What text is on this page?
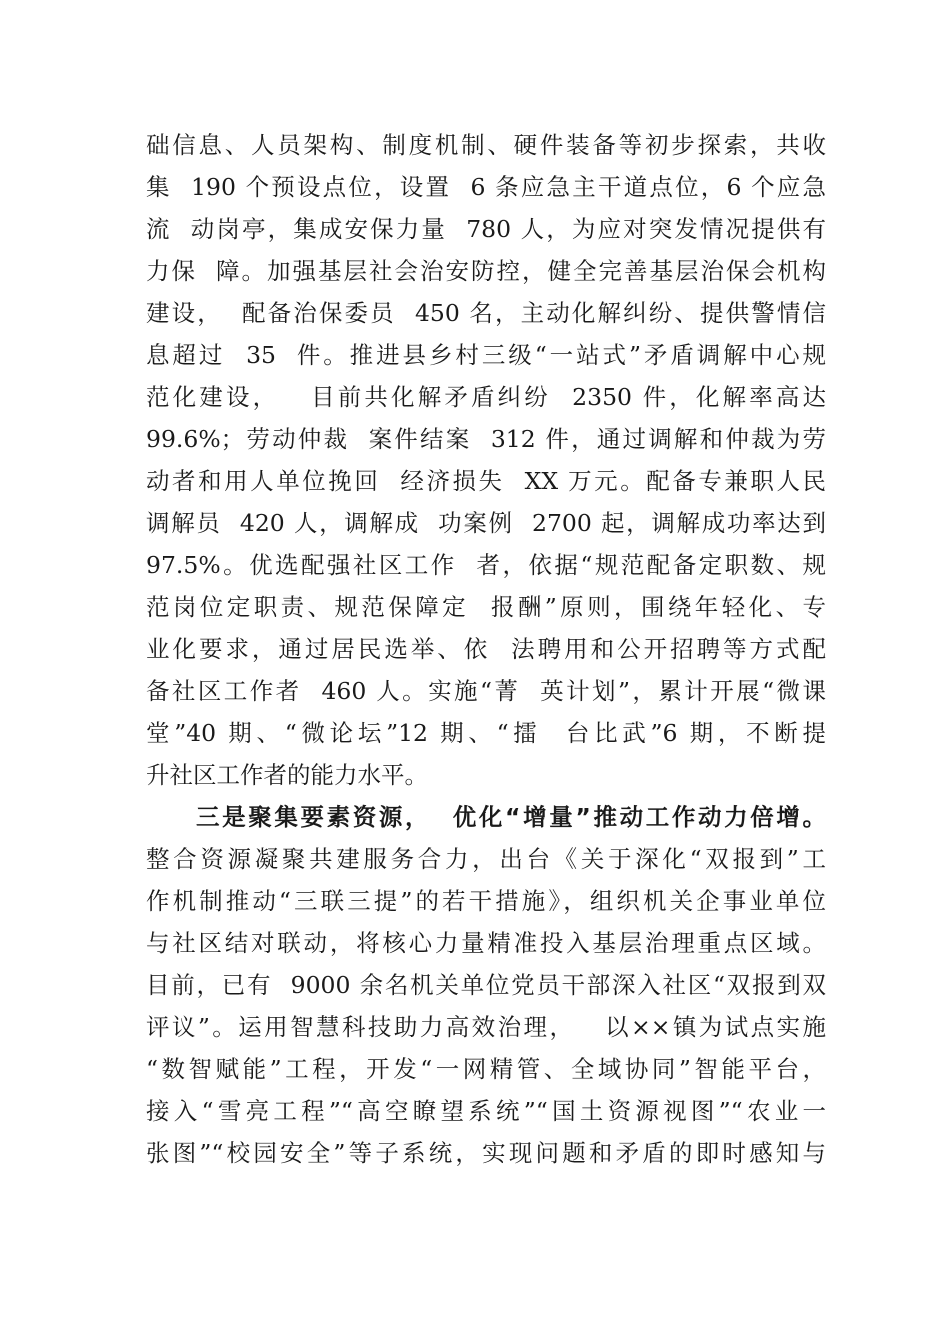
础信息、人员架构、制度机制、硬件装备等初步探索，共收
集  190 个预设点位，设置  6 条应急主干道点位，6 个应急
流  动岗亭，集成安保力量  780 人，为应对突发情况提供有
力保  障。加强基层社会治安防控，健全完善基层治保会机构
建设，  配备治保委员  450 名，主动化解纠纷、提供警情信
息超过  35  件。推进县乡村三级“一站式”矛盾调解中心规
范化建设，   目前共化解矛盾纠纷  2350 件，化解率高达
99.6%；劳动仲裁  案件结案  312 件，通过调解和仲裁为劳
动者和用人单位挽回  经济损失  XX 万元。配备专兼职人民
调解员  420 人，调解成  功案例  2700 起，调解成功率达到
97.5%。优选配强社区工作  者，依据“规范配备定职数、规
范岗位定职责、规范保障定  报酬”原则，围绕年轻化、专
业化要求，通过居民选举、依  法聘用和公开招聘等方式配
备社区工作者  460 人。实施“菁  英计划”，累计开展“微课
堂”40 期、“微论坛”12 期、“擂  台比武”6 期，不断提
升社区工作者的能力水平。
三是聚集要素资源，  优化“增量”推动工作动力倍增。
整合资源凝聚共建服务合力，出台《关于深化“双报到”工
作机制推动“三联三提”的若干措施》，组织机关企事业单位
与社区结对联动，将核心力量精准投入基层治理重点区域。
目前，已有  9000 余名机关单位党员干部深入社区“双报到双
评议”。运用智慧科技助力高效治理，   以××镇为试点实施
“数智赋能”工程，开发“一网精管、全域协同”智能平台，
接入“雪亮工程”“高空瞭望系统”“国土资源视图”“农业一
张图”“校园安全”等子系统，实现问题和矛盾的即时感知与
